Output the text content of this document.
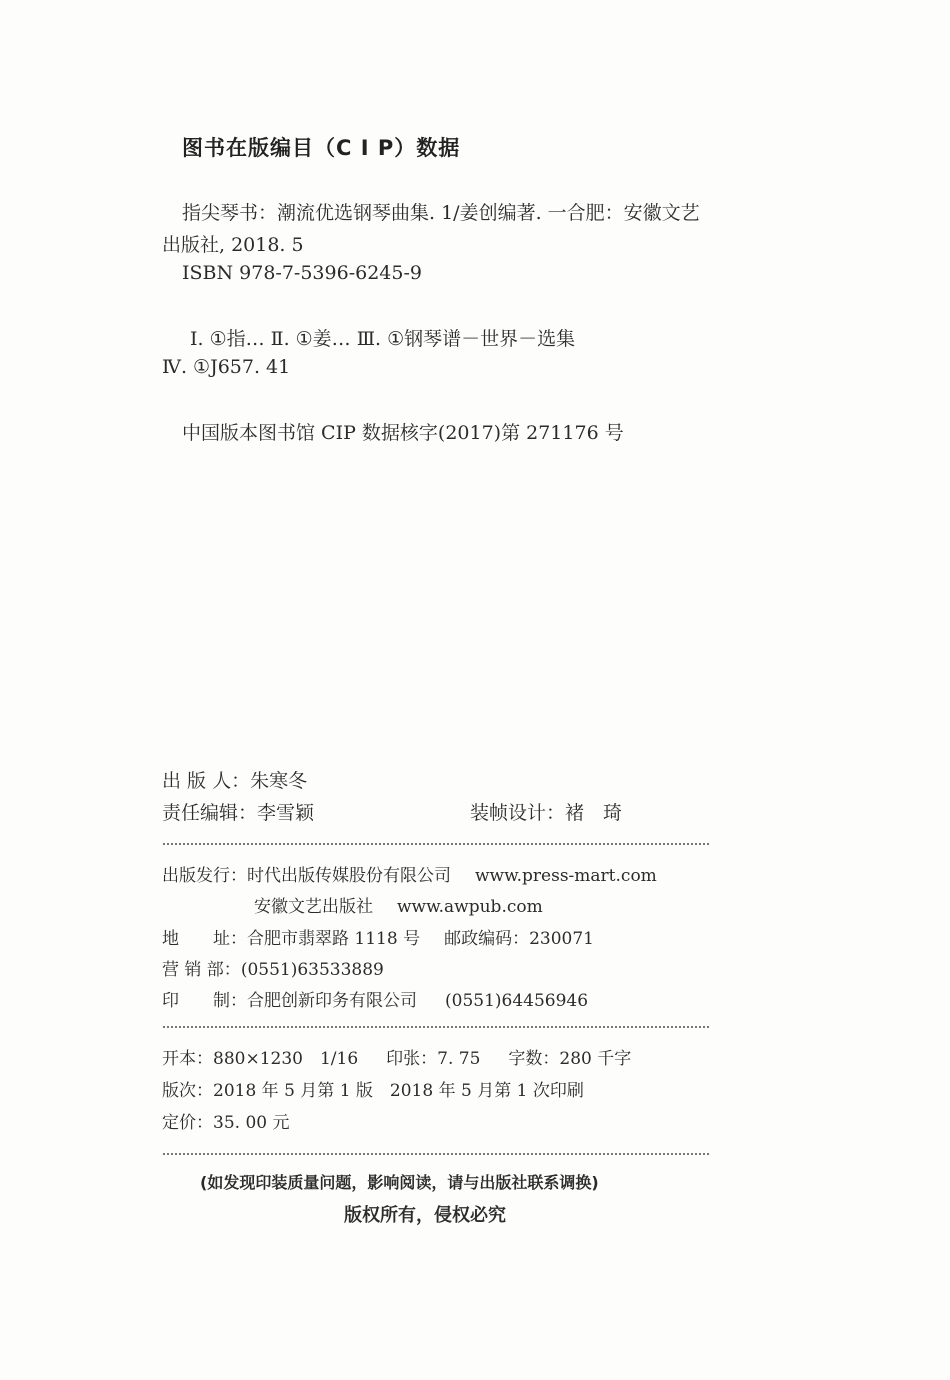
图书在版编目（C I P）数据
指尖琴书：潮流优选钢琴曲集. 1/姜创编著. 一合肥：安徽文艺
出版社, 2018. 5
ISBN 978-7-5396-6245-9
Ⅰ. ①指… Ⅱ. ①姜… Ⅲ. ①钢琴谱－世界－选集
Ⅳ. ①J657. 41
中国版本图书馆 CIP 数据核字(2017)第 271176 号
出 版 人：朱寒冬
责任编辑：李雪颖	装帧设计：褚　琦
出版发行：时代出版传媒股份有限公司 www.press-mart.com
安徽文艺出版社 www.awpub.com
地　　址：合肥市翡翠路 1118 号 邮政编码：230071
营 销 部：(0551)63533889
印　　制：合肥创新印务有限公司 (0551)64456946
开本：880×1230　1/16 印张：7. 75 字数：280 千字
版次：2018 年 5 月第 1 版　2018 年 5 月第 1 次印刷
定价：35. 00 元
(如发现印装质量问题，影响阅读，请与出版社联系调换)
版权所有，侵权必究
